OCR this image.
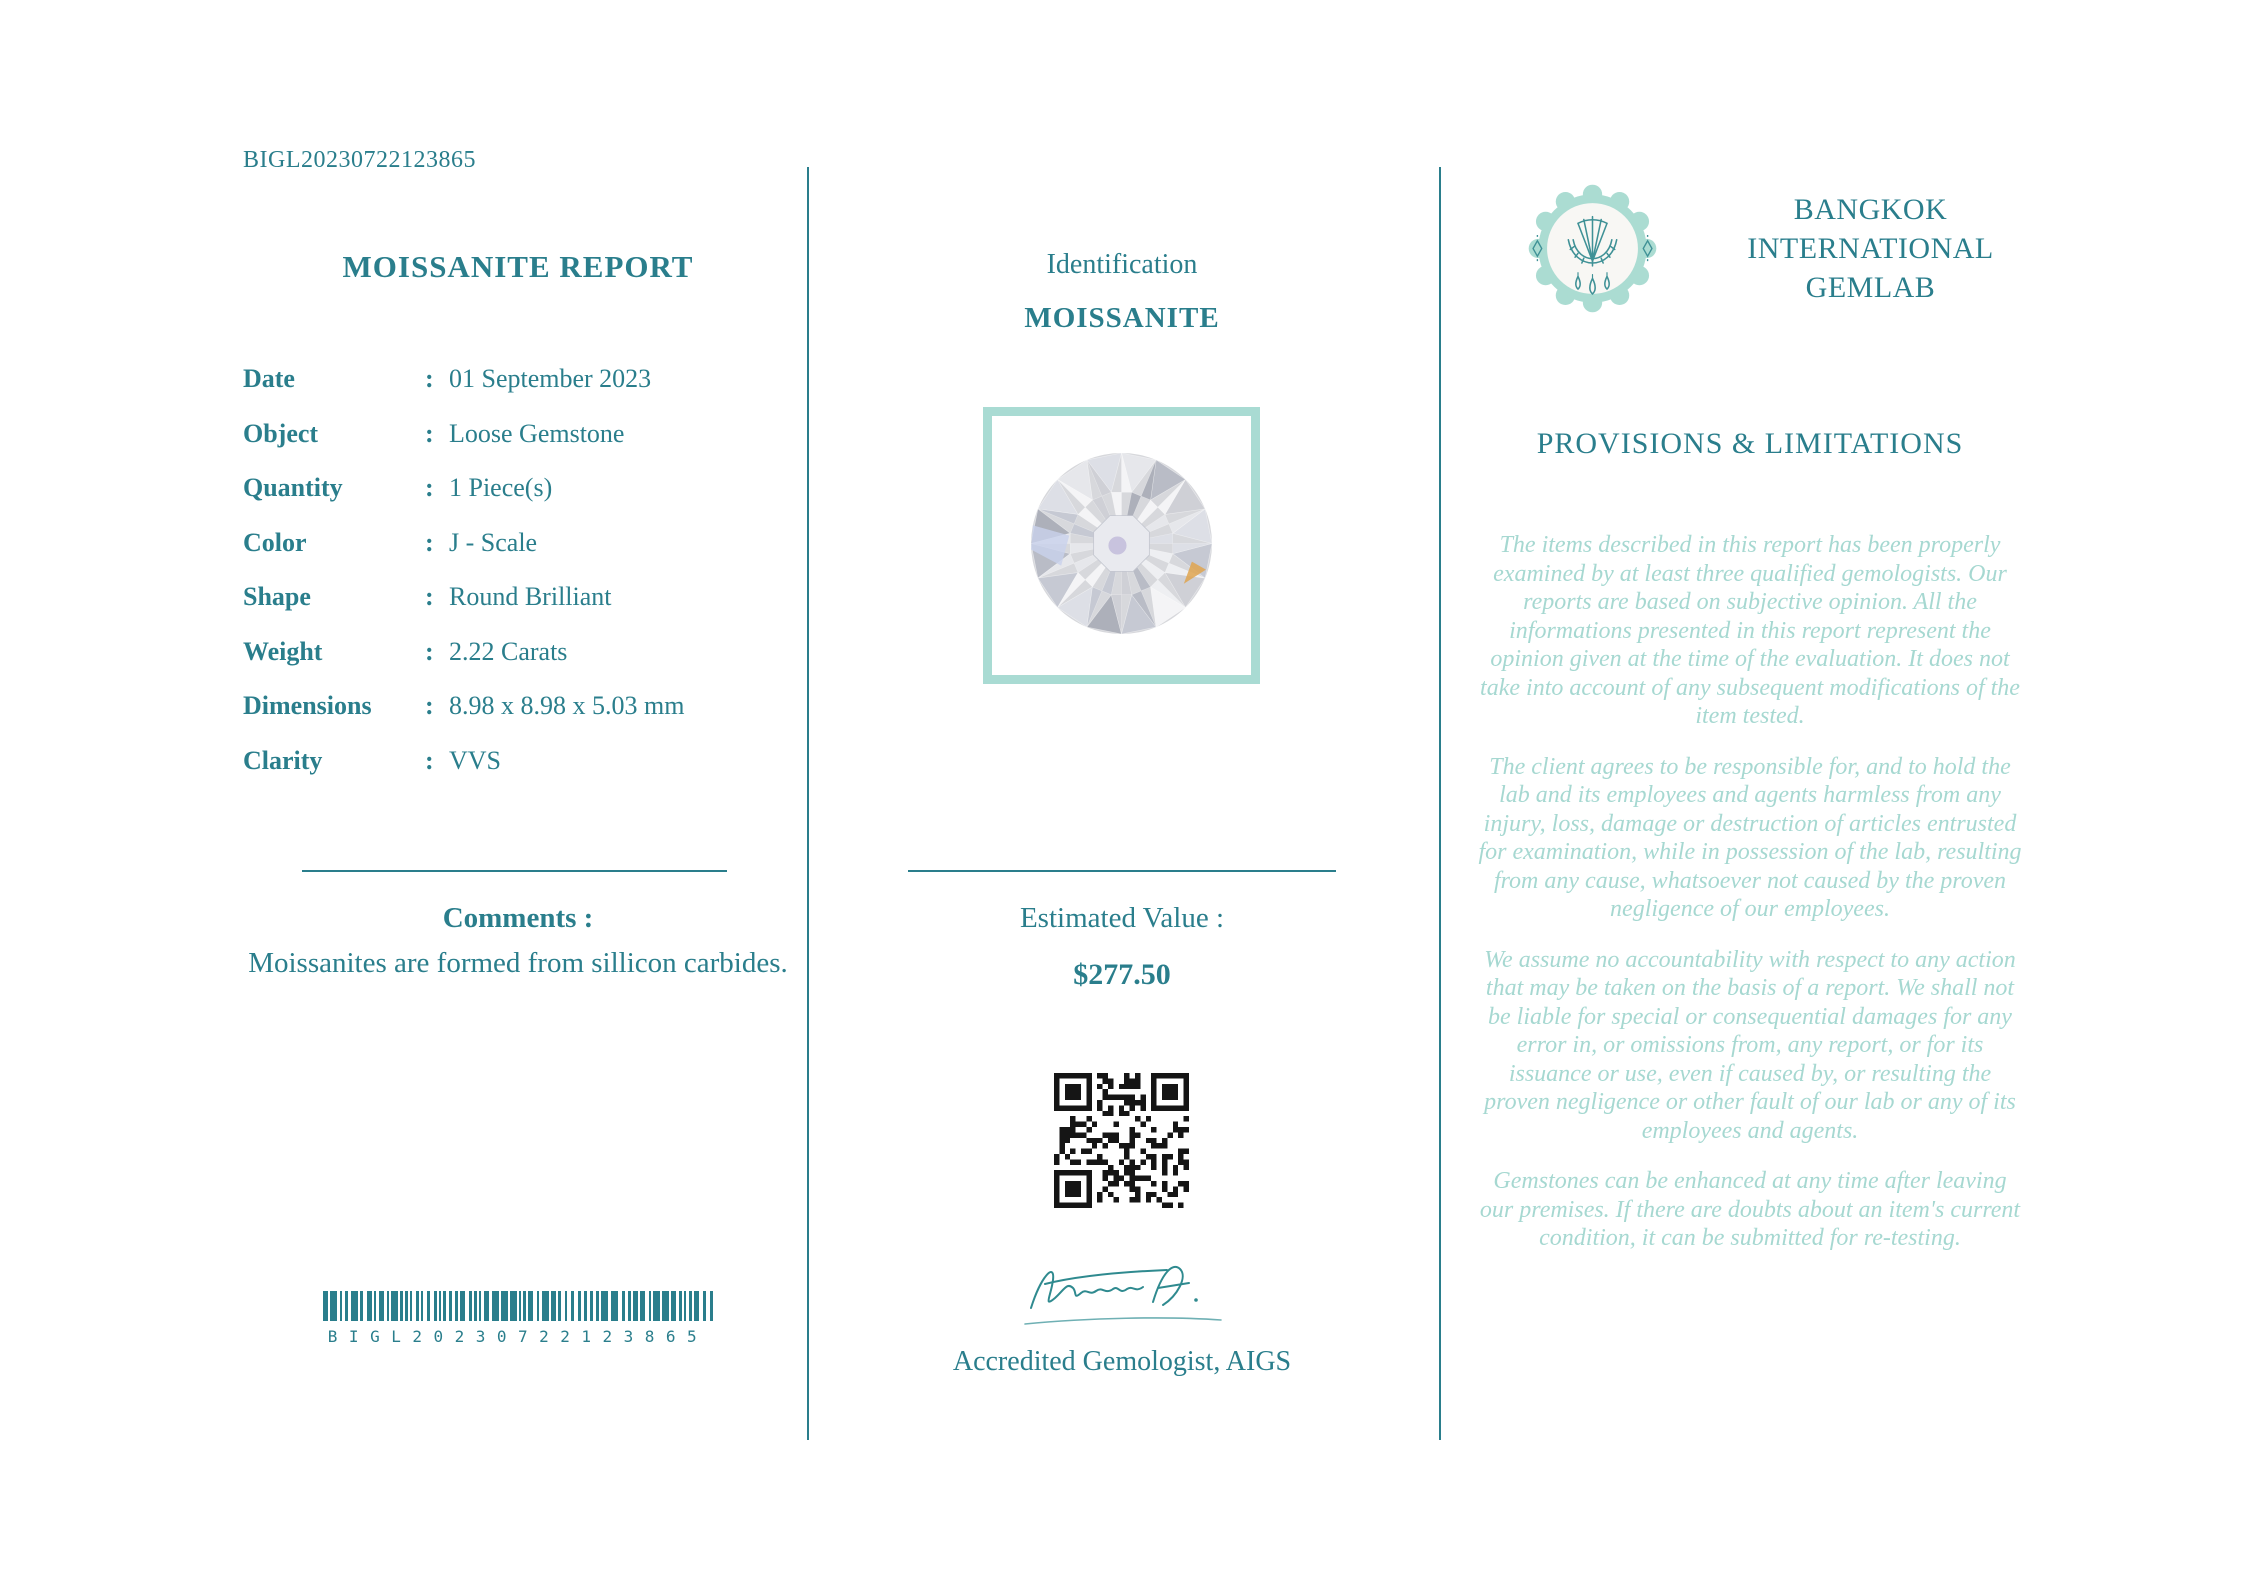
BIGL20230722123865
MOISSANITE REPORT
Date	: 01 September 2023
Object	: Loose Gemstone
Quantity	: 1 Piece(s)
Color	: J - Scale
Shape	: Round Brilliant
Weight	: 2.22 Carats
Dimensions	: 8.98 x 8.98 x 5.03 mm
Clarity	: VVS
Comments :
Moissanites are formed from sillicon carbides.
BIGL20230722123865
Identification
MOISSANITE
Estimated Value :
$277.50
Accredited Gemologist, AIGS
BANGKOK
INTERNATIONAL
GEMLAB
PROVISIONS & LIMITATIONS

The items described in this report has been properly examined by at least three qualified gemologists. Our reports are based on subjective opinion. All the informations presented in this report represent the opinion given at the time of the evaluation. It does not take into account of any subsequent modifications of the item tested.

The client agrees to be responsible for, and to hold the lab and its employees and agents harmless from any injury, loss, damage or destruction of articles entrusted for examination, while in possession of the lab, resulting from any cause, whatsoever not caused by the proven negligence of our employees.

We assume no accountability with respect to any action that may be taken on the basis of a report. We shall not be liable for special or consequential damages for any error in, or omissions from, any report, or for its issuance or use, even if caused by, or resulting the proven negligence or other fault of our lab or any of its employees and agents.

Gemstones can be enhanced at any time after leaving our premises. If there are doubts about an item's current condition, it can be submitted for re-testing.
